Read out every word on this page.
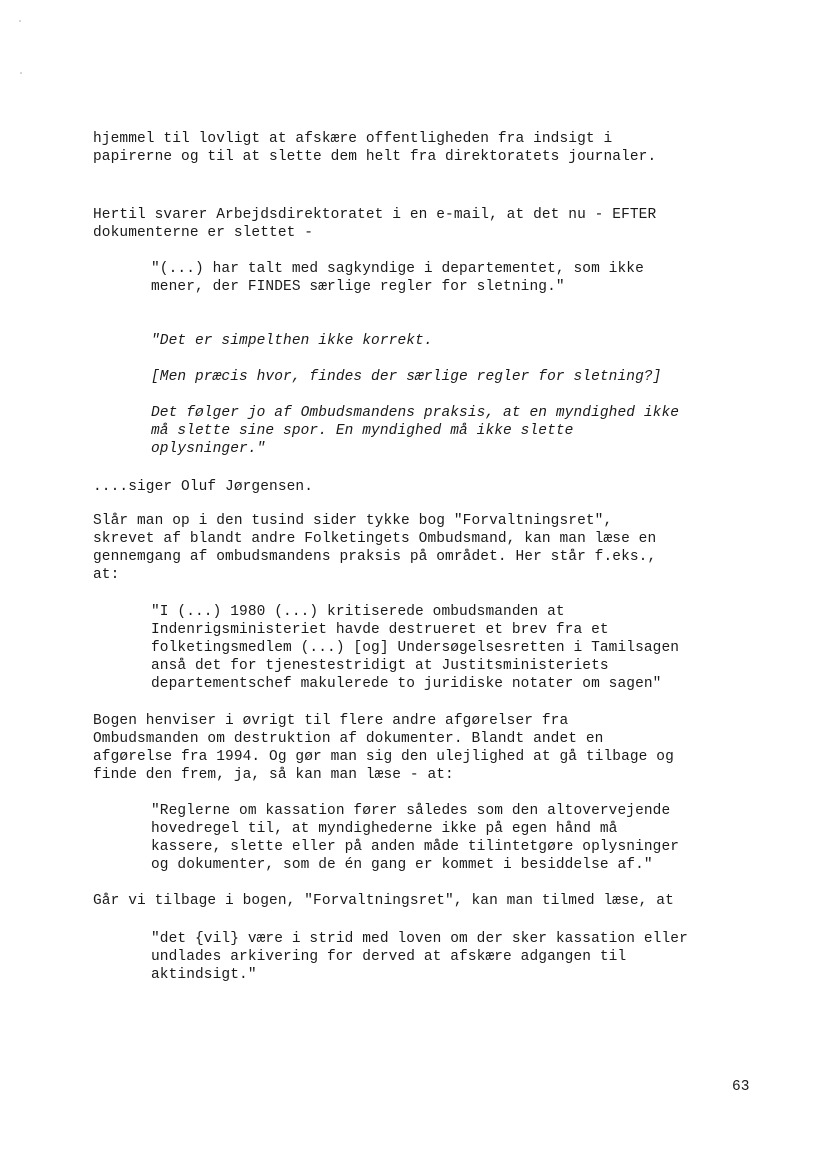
hjemmel til lovligt at afskære offentligheden fra indsigt i
papirerne og til at slette dem helt fra direktoratets journaler.

Hertil svarer Arbejdsdirektoratet i en e-mail, at det nu - EFTER
dokumenterne er slettet -

"(...) har talt med sagkyndige i departementet, som ikke
mener, der FINDES særlige regler for sletning."

"Det er simpelthen ikke korrekt.

[Men præcis hvor, findes der særlige regler for sletning?]

Det følger jo af Ombudsmandens praksis, at en myndighed ikke
må slette sine spor. En myndighed må ikke slette
oplysninger."

....siger Oluf Jørgensen.

Slår man op i den tusind sider tykke bog "Forvaltningsret",
skrevet af blandt andre Folketingets Ombudsmand, kan man læse en
gennemgang af ombudsmandens praksis på området. Her står f.eks.,
at:

"I (...) 1980 (...) kritiserede ombudsmanden at
Indenrigsministeriet havde destrueret et brev fra et
folketingsmedlem (...) [og] Undersøgelsesretten i Tamilsagen
anså det for tjenestestridigt at Justitsministeriets
departementschef makulerede to juridiske notater om sagen"

Bogen henviser i øvrigt til flere andre afgørelser fra
Ombudsmanden om destruktion af dokumenter. Blandt andet en
afgørelse fra 1994. Og gør man sig den ulejlighed at gå tilbage og
finde den frem, ja, så kan man læse - at:

"Reglerne om kassation fører således som den altovervejende
hovedregel til, at myndighederne ikke på egen hånd må
kassere, slette eller på anden måde tilintetgøre oplysninger
og dokumenter, som de én gang er kommet i besiddelse af."

Går vi tilbage i bogen, "Forvaltningsret", kan man tilmed læse, at

"det {vil} være i strid med loven om der sker kassation eller
undlades arkivering for derved at afskære adgangen til
aktindsigt."

63
